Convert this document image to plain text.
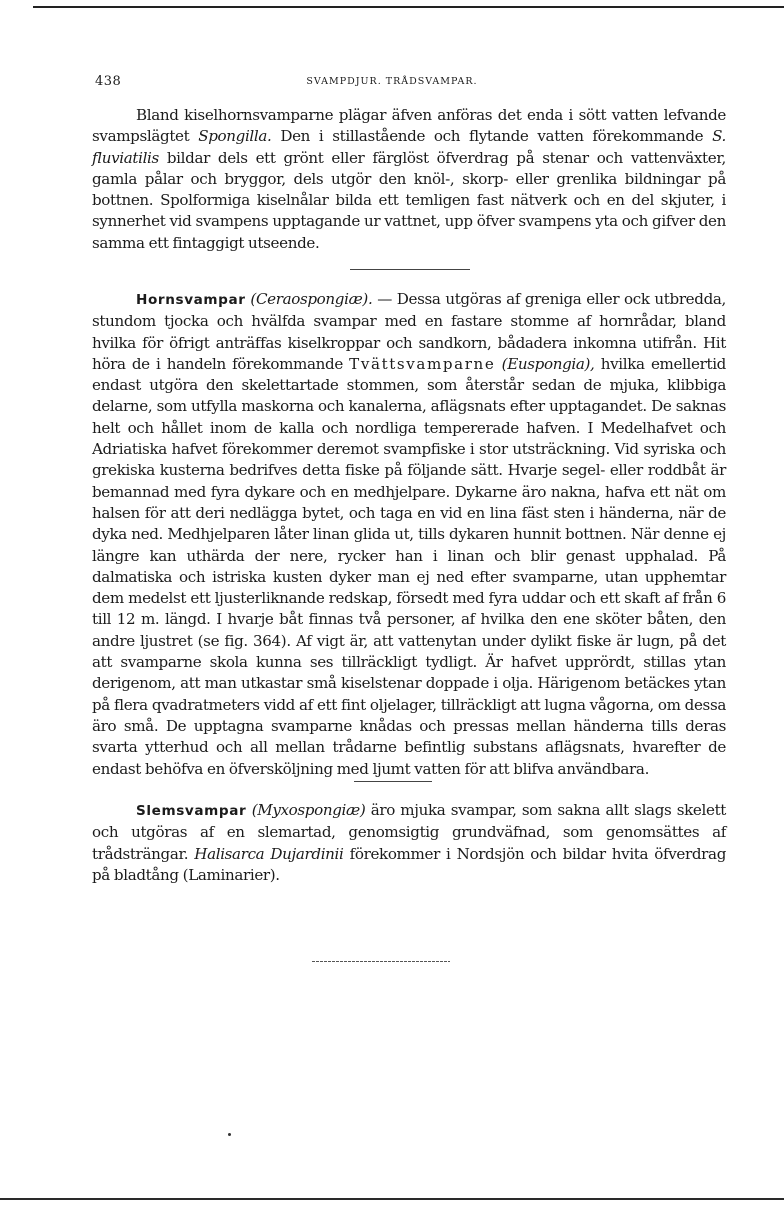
438	SVAMPDJUR. TRÅDSVAMPAR.

Bland kiselhornsvamparne plägar äfven anföras det enda i sött vatten lefvande svampslägtet Spongilla. Den i stillastående och flytande vatten förekommande S. fluviatilis bildar dels ett grönt eller färglöst öfverdrag på stenar och vattenväxter, gamla pålar och bryggor, dels utgör den knöl-, skorp- eller grenlika bildningar på bottnen. Spolformiga kiselnålar bilda ett temligen fast nätverk och en del skjuter, i synnerhet vid svampens upptagande ur vattnet, upp öfver svampens yta och gifver den samma ett fintaggigt utseende.

Hornsvampar (Ceraospongiæ). — Dessa utgöras af greniga eller ock utbredda, stundom tjocka och hvälfda svampar med en fastare stomme af hornrådar, bland hvilka för öfrigt anträffas kiselkroppar och sandkorn, bådadera inkomna utifrån. Hit höra de i handeln förekommande Tvättsvamparne (Euspongia), hvilka emellertid endast utgöra den skelettartade stommen, som återstår sedan de mjuka, klibbiga delarne, som utfylla maskorna och kanalerna, aflägsnats efter upptagandet. De saknas helt och hållet inom de kalla och nordliga tempererade hafven. I Medelhafvet och Adriatiska hafvet förekommer deremot svampfiske i stor utsträckning. Vid syriska och grekiska kusterna bedrifves detta fiske på följande sätt. Hvarje segel- eller roddbåt är bemannad med fyra dykare och en medhjelpare. Dykarne äro nakna, hafva ett nät om halsen för att deri nedlägga bytet, och taga en vid en lina fäst sten i händerna, när de dyka ned. Medhjelparen låter linan glida ut, tills dykaren hunnit bottnen. När denne ej längre kan uthärda der nere, rycker han i linan och blir genast upphalad. På dalmatiska och istriska kusten dyker man ej ned efter svamparne, utan upphemtar dem medelst ett ljusterliknande redskap, försedt med fyra uddar och ett skaft af från 6 till 12 m. längd. I hvarje båt finnas två personer, af hvilka den ene sköter båten, den andre ljustret (se fig. 364). Af vigt är, att vattenytan under dylikt fiske är lugn, på det att svamparne skola kunna ses tillräckligt tydligt. Är hafvet upprördt, stillas ytan derigenom, att man utkastar små kiselstenar doppade i olja. Härigenom betäckes ytan på flera qvadratmeters vidd af ett fint oljelager, tillräckligt att lugna vågorna, om dessa äro små. De upptagna svamparne knådas och pressas mellan händerna tills deras svarta ytterhud och all mellan trådarne befintlig substans aflägsnats, hvarefter de endast behöfva en öfversköljning med ljumt vatten för att blifva användbara.

Slemsvampar (Myxospongiæ) äro mjuka svampar, som sakna allt slags skelett och utgöras af en slemartad, genomsigtig grundväfnad, som genomsättes af trådsträngar. Halisarca Dujardinii förekommer i Nordsjön och bildar hvita öfverdrag på bladtång (Laminarier).
